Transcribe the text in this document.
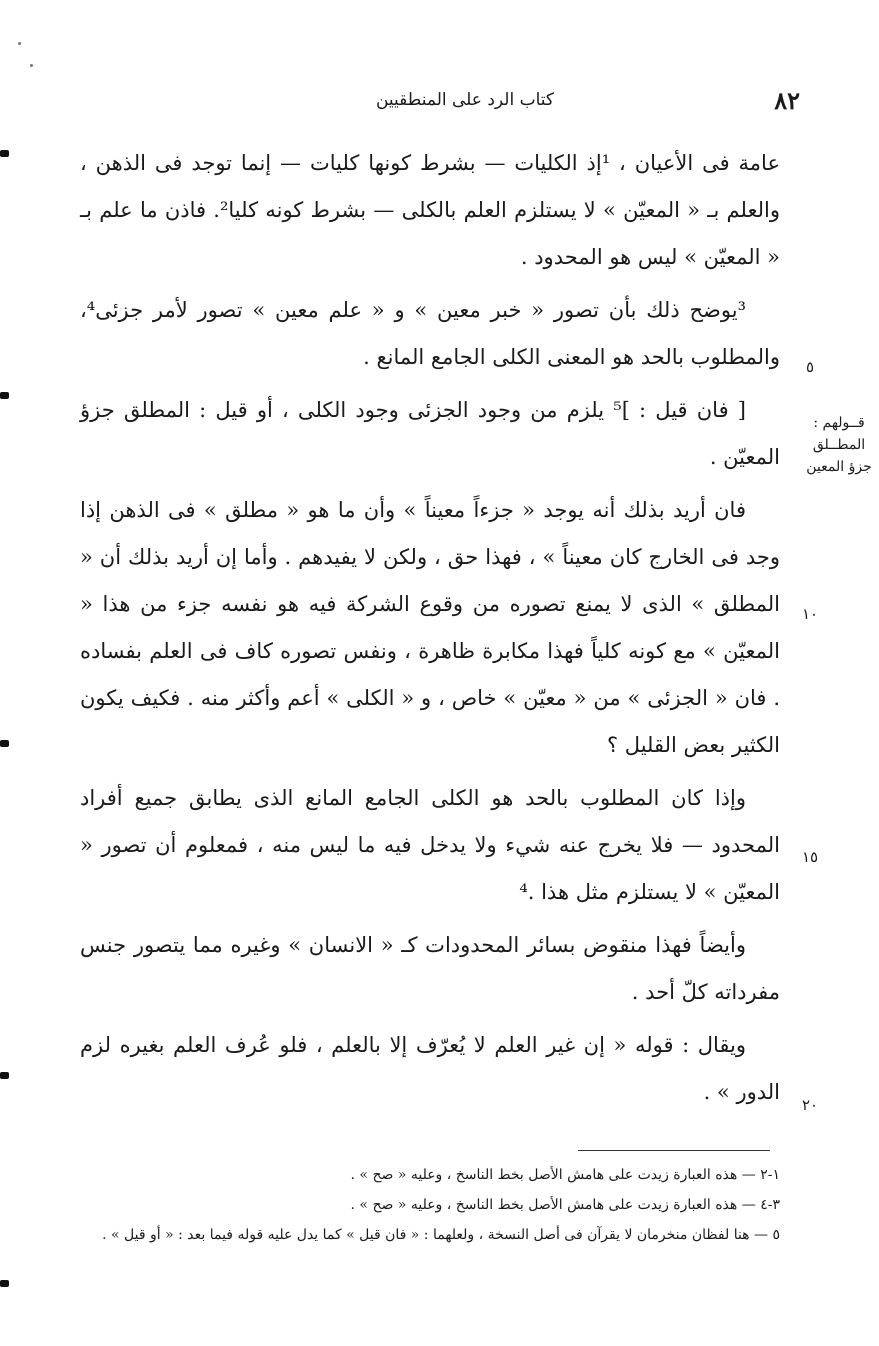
٨٢
كتاب الرد على المنطقيين

عامة فى الأعيان ، ¹إذ الكليات — بشرط كونها كليات — إنما توجد فى الذهن ، والعلم بـ « المعيّن » لا يستلزم العلم بالكلى — بشرط كونه كليا². فاذن ما علم بـ « المعيّن » ليس هو المحدود .

³يوضح ذلك بأن تصور « خبر معين » و « علم معين » تصور لأمر جزئى⁴، والمطلوب بالحد هو المعنى الكلى الجامع المانع .

[ فان قيل : ]⁵ يلزم من وجود الجزئى وجود الكلى ، أو قيل : المطلق جزؤ المعيّن .

فان أريد بذلك أنه يوجد « جزءاً معيناً » وأن ما هو « مطلق » فى الذهن إذا وجد فى الخارج كان معيناً » ، فهذا حق ، ولكن لا يفيدهم . وأما إن أريد بذلك أن « المطلق » الذى لا يمنع تصوره من وقوع الشركة فيه هو نفسه جزء من هذا « المعيّن » مع كونه كلياً فهذا مكابرة ظاهرة ، ونفس تصوره كاف فى العلم بفساده . فان « الجزئى » من « معيّن » خاص ، و « الكلى » أعم وأكثر منه . فكيف يكون الكثير بعض القليل ؟

وإذا كان المطلوب بالحد هو الكلى الجامع المانع الذى يطابق جميع أفراد المحدود — فلا يخرج عنه شيء ولا يدخل فيه ما ليس منه ، فمعلوم أن تصور « المعيّن » لا يستلزم مثل هذا .⁴

وأيضاً فهذا منقوض بسائر المحدودات كـ « الانسان » وغيره مما يتصور جنس مفرداته كلّ أحد .

ويقال : قوله « إن غير العلم لا يُعرّف إلا بالعلم ، فلو عُرف العلم بغيره لزم الدور » .

٥
١٠
١٥
٢٠
قــولهم : المطــلق جزؤ المعين

١-٢ — هذه العبارة زيدت على هامش الأصل بخط الناسخ ، وعليه « صح » .

٣-٤ — هذه العبارة زيدت على هامش الأصل بخط الناسخ ، وعليه « صح » .

٥ — هنا لفظان منخرمان لا يقرآن فى أصل النسخة ، ولعلهما : « فان قيل » كما يدل عليه قوله فيما بعد : « أو قيل » .
